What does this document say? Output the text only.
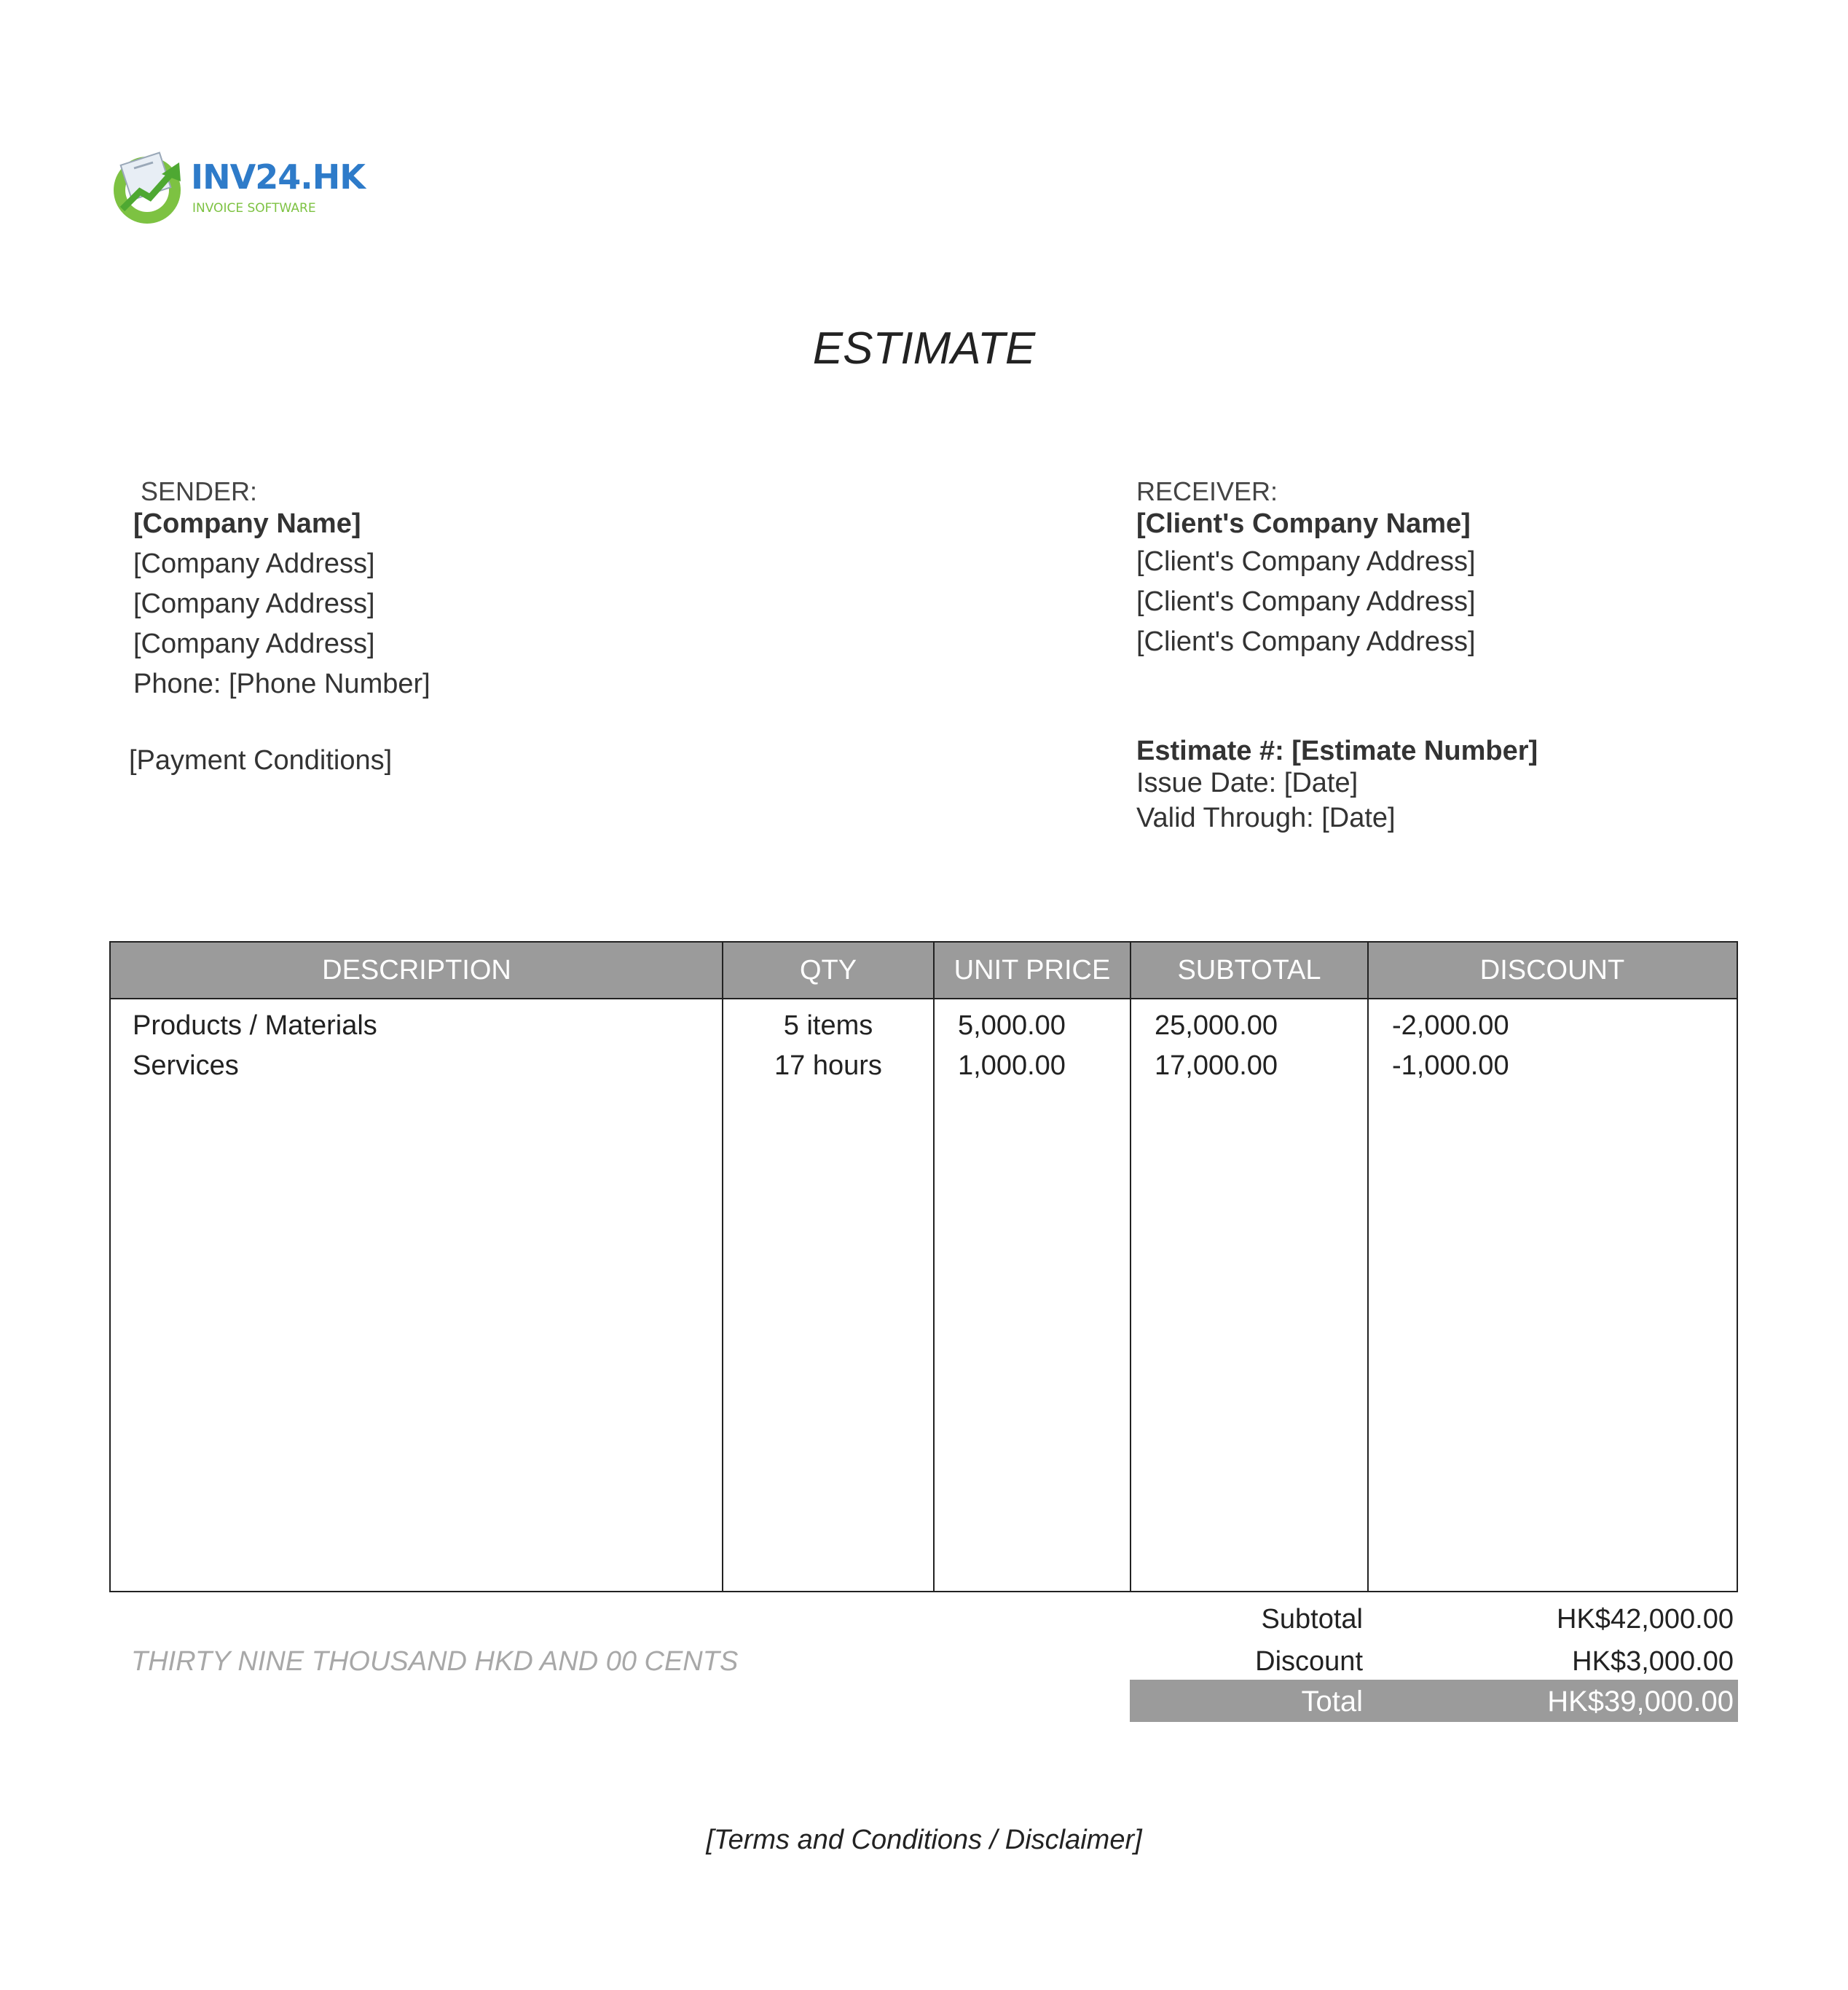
INV24.HK
INVOICE SOFTWARE
ESTIMATE
SENDER:
[Company Name]
[Company Address]
[Company Address]
[Company Address]
Phone: [Phone Number]
[Payment Conditions]
RECEIVER:
[Client's Company Name]
[Client's Company Address]
[Client's Company Address]
[Client's Company Address]
Estimate #: [Estimate Number]
Issue Date: [Date]
Valid Through: [Date]
DESCRIPTION	QTY	UNIT PRICE	SUBTOTAL	DISCOUNT
Products / Materials	5 items	5,000.00	25,000.00	-2,000.00
Services	17 hours	1,000.00	17,000.00	-1,000.00
Subtotal	HK$42,000.00
Discount	HK$3,000.00
Total	HK$39,000.00
THIRTY NINE THOUSAND HKD AND 00 CENTS
[Terms and Conditions / Disclaimer]
